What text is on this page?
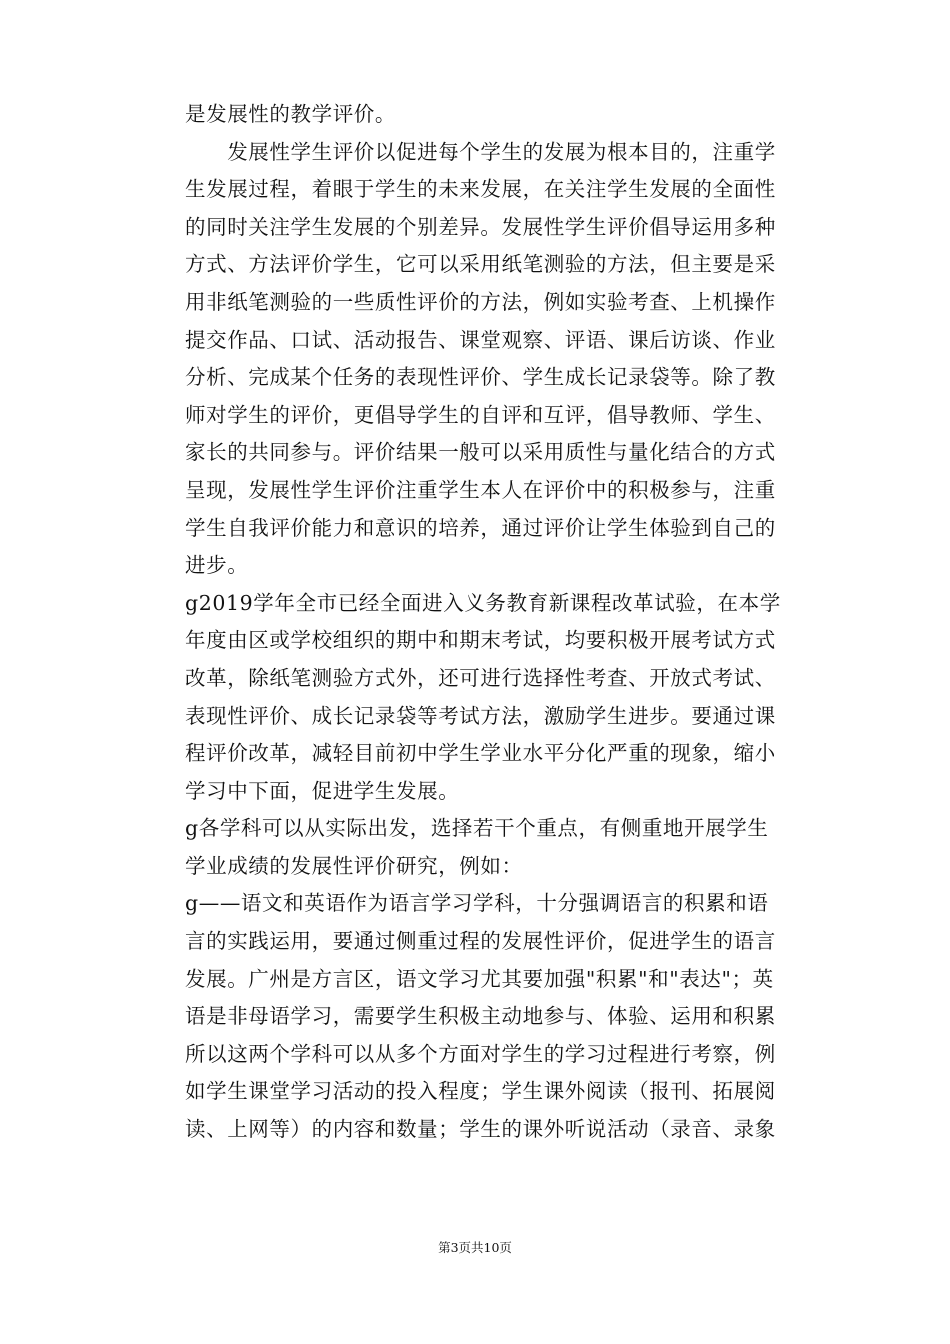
是发展性的教学评价。
　　发展性学生评价以促进每个学生的发展为根本目的，注重学
生发展过程，着眼于学生的未来发展，在关注学生发展的全面性
的同时关注学生发展的个别差异。发展性学生评价倡导运用多种
方式、方法评价学生，它可以采用纸笔测验的方法，但主要是采
用非纸笔测验的一些质性评价的方法，例如实验考查、上机操作
提交作品、口试、活动报告、课堂观察、评语、课后访谈、作业
分析、完成某个任务的表现性评价、学生成长记录袋等。除了教
师对学生的评价，更倡导学生的自评和互评，倡导教师、学生、
家长的共同参与。评价结果一般可以采用质性与量化结合的方式
呈现，发展性学生评价注重学生本人在评价中的积极参与，注重
学生自我评价能力和意识的培养，通过评价让学生体验到自己的
进步。
g2019学年全市已经全面进入义务教育新课程改革试验，在本学
年度由区或学校组织的期中和期末考试，均要积极开展考试方式
改革，除纸笔测验方式外，还可进行选择性考查、开放式考试、
表现性评价、成长记录袋等考试方法，激励学生进步。要通过课
程评价改革，减轻目前初中学生学业水平分化严重的现象，缩小
学习中下面，促进学生发展。
g各学科可以从实际出发，选择若干个重点，有侧重地开展学生
学业成绩的发展性评价研究，例如：
g——语文和英语作为语言学习学科，十分强调语言的积累和语
言的实践运用，要通过侧重过程的发展性评价，促进学生的语言
发展。广州是方言区，语文学习尤其要加强"积累"和"表达"；英
语是非母语学习，需要学生积极主动地参与、体验、运用和积累
所以这两个学科可以从多个方面对学生的学习过程进行考察，例
如学生课堂学习活动的投入程度；学生课外阅读（报刊、拓展阅
读、上网等）的内容和数量；学生的课外听说活动（录音、录象
第3页共10页
